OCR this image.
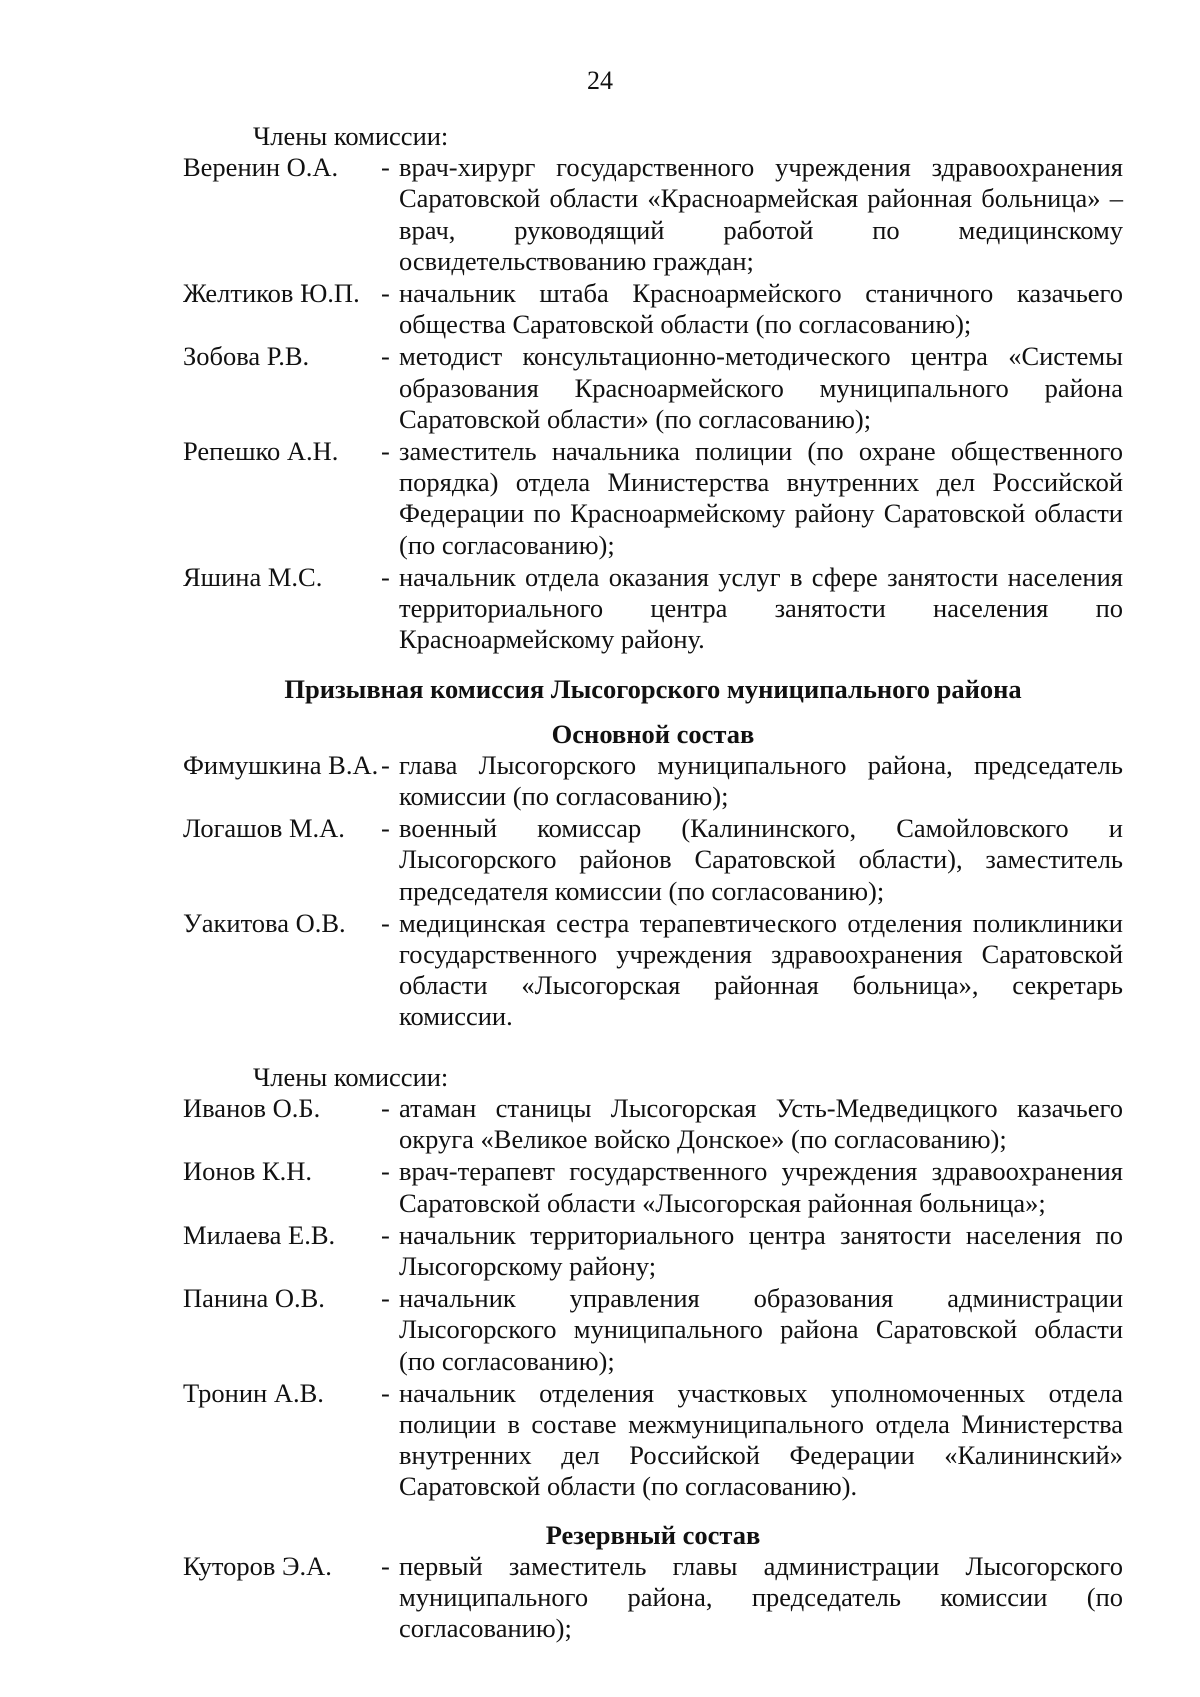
24

Члены комиссии:

Веренин О.А.	- врач-хирург государственного учреждения здравоохранения Саратовской области «Красноармейская районная больница» – врач, руководящий работой по медицинскому освидетельствованию граждан;
Желтиков Ю.П. - начальник штаба Красноармейского станичного казачьего общества Саратовской области (по согласованию);
Зобова Р.В.	- методист консультационно-методического центра «Системы образования Красноармейского муниципального района Саратовской области» (по согласованию);
Репешко А.Н.	- заместитель начальника полиции (по охране общественного порядка) отдела Министерства внутренних дел Российской Федерации по Красноармейскому району Саратовской области (по согласованию);
Яшина М.С.	- начальник отдела оказания услуг в сфере занятости населения территориального центра занятости населения по Красноармейскому району.

Призывная комиссия Лысогорского муниципального района

Основной состав

Фимушкина В.А. - глава Лысогорского муниципального района, председатель комиссии (по согласованию);
Логашов М.А.	- военный комиссар (Калининского, Самойловского и Лысогорского районов Саратовской области), заместитель председателя комиссии (по согласованию);
Уакитова О.В.	- медицинская сестра терапевтического отделения поликлиники государственного учреждения здравоохранения Саратовской области «Лысогорская районная больница», секретарь комиссии.

Члены комиссии:

Иванов О.Б.	- атаман станицы Лысогорская Усть-Медведицкого казачьего округа «Великое войско Донское» (по согласованию);
Ионов К.Н.	- врач-терапевт государственного учреждения здравоохранения Саратовской области «Лысогорская районная больница»;
Милаева Е.В.	- начальник территориального центра занятости населения по Лысогорскому району;
Панина О.В.	- начальник управления образования администрации Лысогорского муниципального района Саратовской области (по согласованию);
Тронин А.В.	- начальник отделения участковых уполномоченных отдела полиции в составе межмуниципального отдела Министерства внутренних дел Российской Федерации «Калининский» Саратовской области (по согласованию).

Резервный состав

Куторов Э.А.	- первый заместитель главы администрации Лысогорского муниципального района, председатель комиссии (по согласованию);
